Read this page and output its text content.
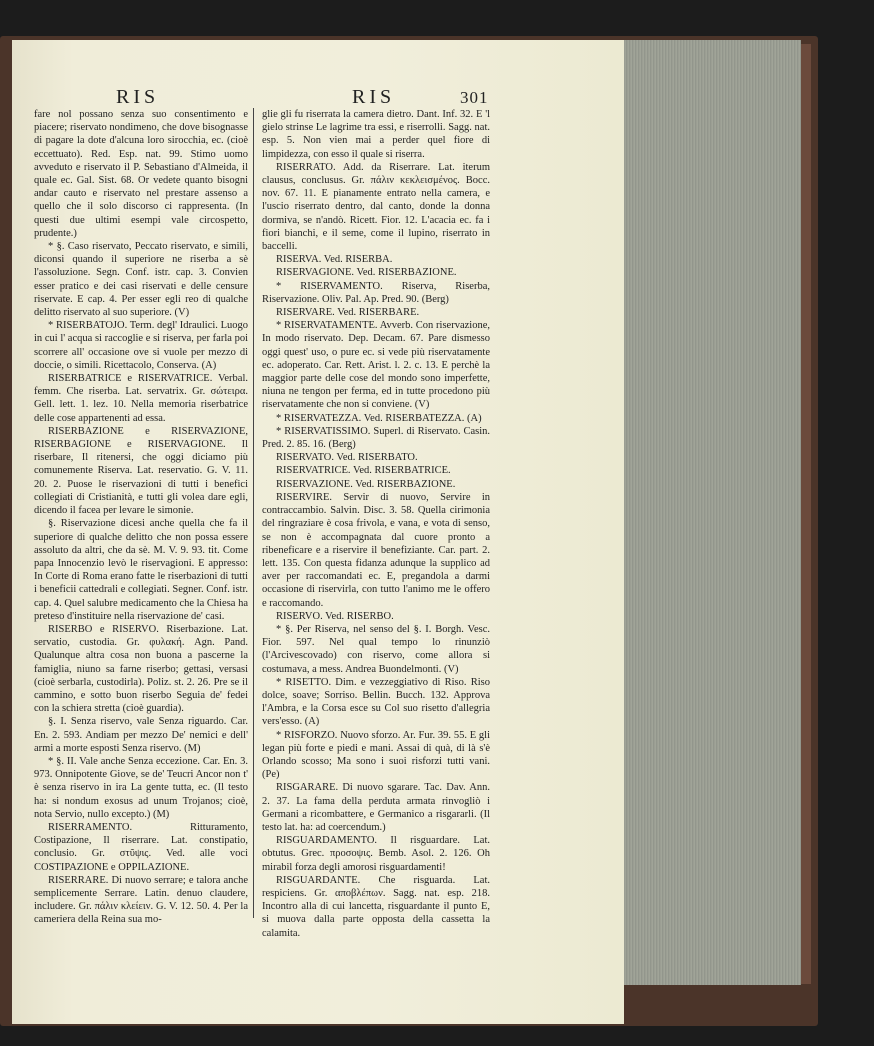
RIS	RIS	301

fare nol possano senza suo consentimento e piacere; riservato nondimeno, che dove bisognasse di pagare la dote d'alcuna loro sirocchia, ec. (cioè eccettuato). Red. Esp. nat. 99. Stimo uomo avveduto e riservato il P. Sebastiano d'Almeida, il quale ec. Gal. Sist. 68. Or vedete quanto bisogni andar cauto e riservato nel prestare assenso a quello che il solo discorso ci rappresenta. (In questi due ultimi esempi vale circospetto, prudente.)

* §. Caso riservato, Peccato riservato, e simili, diconsi quando il superiore ne riserba a sè l'assoluzione. Segn. Conf. istr. cap. 3. Convien esser pratico e dei casi riservati e delle censure riservate. E cap. 4. Per esser egli reo di qualche delitto riservato al suo superiore. (V)

* RISERBATOJO. Term. degl' Idraulici. Luogo in cui l' acqua si raccoglie e si riserva, per farla poi scorrere all' occasione ove si vuole per mezzo di doccie, o simili. Ricettacolo, Conserva. (A)

RISERBATRICE e RISERVATRICE. Verbal. femm. Che riserba. Lat. servatrix. Gr. σώτειρα. Gell. lett. 1. lez. 10. Nella memoria riserbatrice delle cose appartenenti ad essa.

RISERBAZIONE e RISERVAZIONE, RISERBAGIONE e RISERVAGIONE. Il riserbare, Il ritenersi, che oggi diciamo più comunemente Riserva. Lat. reservatio. G. V. 11. 20. 2. Puose le riservazioni di tutti i benefici collegiati di Cristianità, e tutti gli volea dare egli, dicendo il facea per levare le simonie.

§. Riservazione dicesi anche quella che fa il superiore di qualche delitto che non possa essere assoluto da altri, che da sè. M. V. 9. 93. tit. Come papa Innocenzio levò le riservagioni. E appresso: In Corte di Roma erano fatte le riserbazioni di tutti i beneficii cattedrali e collegiati. Segner. Conf. istr. cap. 4. Quel salubre medicamento che la Chiesa ha preteso d'instituire nella riservazione de' casi.

RISERBO e RISERVO. Riserbazione. Lat. servatio, custodia. Gr. φυλακή. Agn. Pand. Qualunque altra cosa non buona a pascerne la famiglia, niuno sa farne riserbo; gettasi, versasi (cioè serbarla, custodirla). Poliz. st. 2. 26. Pre se il cammino, e sotto buon riserbo Seguia de' fedei con la schiera stretta (cioè guardia).

§. I. Senza riservo, vale Senza riguardo. Car. En. 2. 593. Andiam per mezzo De' nemici e dell' armi a morte esposti Senza riservo. (M)

* §. II. Vale anche Senza eccezione. Car. En. 3. 973. Onnipotente Giove, se de' Teucri Ancor non t' è senza riservo in ira La gente tutta, ec. (Il testo ha: si nondum exosus ad unum Trojanos; cioè, nota Servio, nullo excepto.) (M)

RISERRAMENTO. Ritturamento, Costipazione, Il riserrare. Lat. constipatio, conclusio. Gr. στῦψις. Ved. alle voci COSTIPAZIONE e OPPILAZIONE.

RISERRARE. Di nuovo serrare; e talora anche semplicemente Serrare. Latin. denuo claudere, includere. Gr. πάλιν κλείειν. G. V. 12. 50. 4. Per la cameriera della Reina sua mo-

glie gli fu riserrata la camera dietro. Dant. Inf. 32. E 'l gielo strinse Le lagrime tra essi, e riserrolli. Sagg. nat. esp. 5. Non vien mai a perder quel fiore di limpidezza, con esso il quale si riserra.

RISERRATO. Add. da Riserrare. Lat. iterum clausus, conclusus. Gr. πάλιν κεκλεισμένος. Bocc. nov. 67. 11. E pianamente entrato nella camera, e l'uscio riserrato dentro, dal canto, donde la donna dormiva, se n'andò. Ricett. Fior. 12. L'acacia ec. fa i fiori bianchi, e il seme, come il lupino, riserrato in baccelli.

RISERVA. Ved. RISERBA.

RISERVAGIONE. Ved. RISERBAZIONE.

* RISERVAMENTO. Riserva, Riserba, Riservazione. Oliv. Pal. Ap. Pred. 90. (Berg)

RISERVARE. Ved. RISERBARE.

* RISERVATAMENTE. Avverb. Con riservazione, In modo riservato. Dep. Decam. 67. Pare dismesso oggi quest' uso, o pure ec. si vede più riservatamente ec. adoperato. Car. Rett. Arist. l. 2. c. 13. E perchè la maggior parte delle cose del mondo sono imperfette, niuna ne tengon per ferma, ed in tutte procedono più riservatamente che non si conviene. (V)

* RISERVATEZZA. Ved. RISERBATEZZA. (A)

* RISERVATISSIMO. Superl. di Riservato. Casin. Pred. 2. 85. 16. (Berg)

RISERVATO. Ved. RISERBATO.

RISERVATRICE. Ved. RISERBATRICE.

RISERVAZIONE. Ved. RISERBAZIONE.

RISERVIRE. Servir di nuovo, Servire in contraccambio. Salvin. Disc. 3. 58. Quella cirimonia del ringraziare è cosa frivola, e vana, e vota di senso, se non è accompagnata dal cuore pronto a ribeneficare e a riservire il benefiziante. Car. part. 2. lett. 135. Con questa fidanza adunque la supplico ad aver per raccomandati ec. E, pregandola a darmi occasione di riservirla, con tutto l'animo me le offero e raccomando.

RISERVO. Ved. RISERBO.

* §. Per Riserva, nel senso del §. I. Borgh. Vesc. Fior. 597. Nel qual tempo lo rinunziò (l'Arcivescovado) con riservo, come allora si costumava, a mess. Andrea Buondelmonti. (V)

* RISETTO. Dim. e vezzeggiativo di Riso. Riso dolce, soave; Sorriso. Bellin. Bucch. 132. Approva l'Ambra, e la Corsa esce su Col suo risetto d'allegria vers'esso. (A)

* RISFORZO. Nuovo sforzo. Ar. Fur. 39. 55. E gli legan più forte e piedi e mani. Assai di quà, di là s'è Orlando scosso; Ma sono i suoi risforzi tutti vani. (Pe)

RISGARARE. Di nuovo sgarare. Tac. Dav. Ann. 2. 37. La fama della perduta armata rinvogliò i Germani a ricombattere, e Germanico a risgararli. (Il testo lat. ha: ad coercendum.)

RISGUARDAMENTO. Il risguardare. Lat. obtutus. Grec. προσοψις. Bemb. Asol. 2. 126. Oh mirabil forza degli amorosi risguardamenti!

RISGUARDANTE. Che risguarda. Lat. respiciens. Gr. αποβλέπων. Sagg. nat. esp. 218. Incontro alla di cui lancetta, risguardante il punto E, si muova dalla parte opposta della cassetta la calamita.
